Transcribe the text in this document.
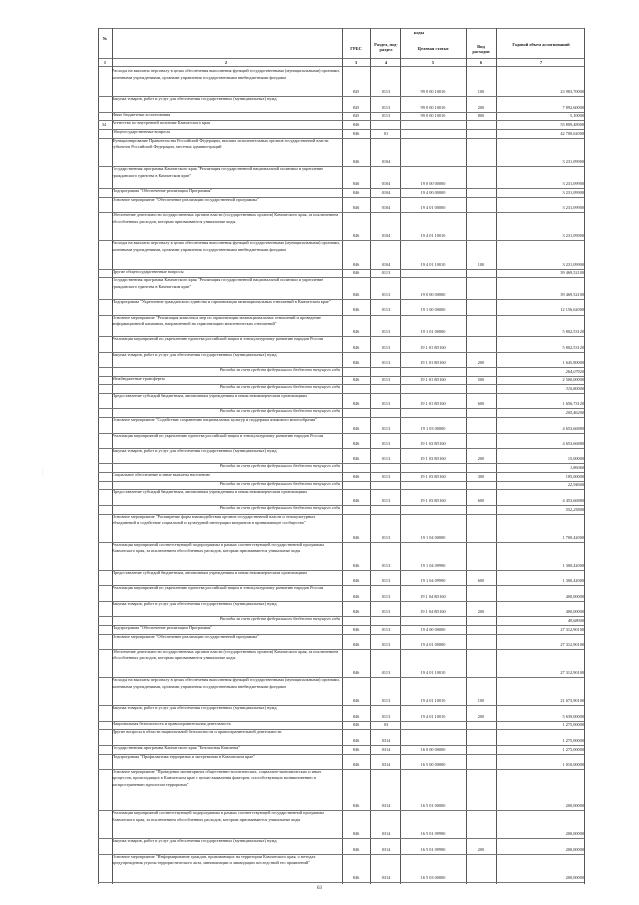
№
коды
ГРБС
Раздел, под-раздел	Целевая статья	Вид расходов
Годовой объем ассигнований
1	2	3	4	5	6	7
Расходы на выплаты персоналу в целях обеспечения выполнения функций государственными (муниципальными) органами, казенными учреждениями, органами управления государственными внебюджетными фондами
845	0113	99 0 00 10010	100	23 983,70000
Закупка товаров, работ и услуг для обеспечения государственных (муниципальных) нужд
845	0113	99 0 00 10010	200	7 892,60000
Иные бюджетные ассигнования	845	0113	99 0 00 10010	800	5,10000
34	Агентство по внутренней политике Камчатского края	846	55 809,48000
Общегосударственные вопросы	846	01	42 700,62000
Функционирование Правительства Российской Федерации, высших исполнительных органов государственной власти субъектов Российской Федерации, местных администраций
846	0104	3 231,09900
Государственная программа Камчатского края "Реализация государственной национальной политики и укрепление гражданского единства в Камчатском крае"
846	0104	19 0 00 00000	3 231,09900
Подпрограмма "Обеспечение реализации Программы"	846	0104	19 4 00 00000	3 231,09900
Основное мероприятие "Обеспечение реализации государственной программы"
846	0104	19 4 01 00000	3 231,09900
Обеспечение деятельности государственных органов власти (государственных органов) Камчатского края, за исключением обособленных расходов, которым присваиваются уникальные коды
846	0104	19 4 01 10010	3 231,09900
Расходы на выплаты персоналу в целях обеспечения выполнения функций государственными (муниципальными) органами, казенными учреждениями, органами управления государственными внебюджетными фондами
846	0104	19 4 01 10010	100	3 231,09900
Другие общегосударственные вопросы	846	0113	39 469,52100
Государственная программа Камчатского края "Реализация государственной национальной политики и укрепление гражданского единства в Камчатском крае"
846	0113	19 0 00 00000	39 469,52100
Подпрограмма "Укрепление гражданского единства и гармонизация межнациональных отношений в Камчатском крае"
846	0113	19 1 00 00000	12 156,62000
Основное мероприятие "Реализация комплекса мер по гармонизации межнациональных отношений и проведение информационной кампании, направленной на гармонизацию межэтнических отношений"
846	0113	19 1 01 00000	5 802,53120
Реализация мероприятий по укреплению единства российской нации и этнокультурному развитию народов России
846	0113	19 1 01 R5160	5 802,53120
Закупка товаров, работ и услуг для обеспечения государственных (муниципальных) нужд
846	0113	19 1 01 R5160	200	1 645,80000
Расходы за счет средств федерального бюджета текущего года	264,07920
Межбюджетные трансферты	846	0113	19 1 01 R5160	500	2 500,00000
Расходы за счет средств федерального бюджета текущего года	310,80000
Предоставление субсидий бюджетным, автономным учреждениям и иным некоммерческим организациям
846	0113	19 1 01 R5160	600	1 656,73120
Расходы за счет средств федерального бюджета текущего года	205,46200
Основное мероприятие "Содействие сохранению национальных культур и поддержка языкового многообразия"
846	0113	19 1 03 00000	4 653,66880
Реализация мероприятий по укреплению единства российской нации и этнокультурному развитию народов России
846	0113	19 1 03 R5160	4 653,66880
Закупка товаров, работ и услуг для обеспечения государственных (муниципальных) нужд
846	0113	19 1 03 R5160	200	15,00000
Расходы за счет средств федерального бюджета текущего года	1,86060
Социальное обеспечение и иные выплаты населению	846	0113	19 1 03 R5160	300	185,00000
Расходы за счет средств федерального бюджета текущего года	22,94600
Предоставление субсидий бюджетным, автономным учреждениям и иным некоммерческим организациям
846	0113	19 1 03 R5160	600	4 453,66880
Расходы за счет средств федерального бюджета текущего года	552,25800
Основное мероприятие "Расширение форм взаимодействия органов государственной власти и этнокультурных объединений и содействие социальной и культурной интеграции мигрантов в принимающее сообщество"
846	0113	19 1 04 00000	1 700,42000
Реализация мероприятий соответствующей подпрограммы в рамках соответствующей государственной программы Камчатского края, за исключением обособленных расходов, которым присваиваются уникальные коды
846	0113	19 1 04 09990	1 300,42000
Предоставление субсидий бюджетным, автономным учреждениям и иным некоммерческим организациям
846	0113	19 1 04 09990	600	1 300,42000
Реализация мероприятий по укреплению единства российской нации и этнокультурному развитию народов России
846	0113	19 1 04 R5160	400,00000
Закупка товаров, работ и услуг для обеспечения государственных (муниципальных) нужд
846	0113	19 1 04 R5160	200	400,00000
Расходы за счет средств федерального бюджета текущего года	49,68000
Подпрограмма "Обеспечение реализации Программы"	846	0113	19 4 00 00000	27 312,90100
Основное мероприятие "Обеспечение реализации государственной программы"
846	0113	19 4 01 00000	27 312,90100
Обеспечение деятельности государственных органов власти (государственных органов) Камчатского края, за исключением обособленных расходов, которым присваиваются уникальные коды
846	0113	19 4 01 10010	27 312,90100
Расходы на выплаты персоналу в целях обеспечения выполнения функций государственными (муниципальными) органами, казенными учреждениями, органами управления государственными внебюджетными фондами
846	0113	19 4 01 10010	100	21 673,90100
Закупка товаров, работ и услуг для обеспечения государственных (муниципальных) нужд
846	0113	19 4 01 10010	200	5 639,00000
Национальная безопасность и правоохранительная деятельность	846	03	1 275,00000
Другие вопросы в области национальной безопасности и правоохранительной деятельности
846	0314	1 275,00000
Государственная программа Камчатского края "Безопасная Камчатка"	846	0314	16 0 00 00000	1 275,00000
Подпрограмма "Профилактика терроризма и экстремизма в Камчатском крае"
846	0314	16 5 00 00000	1 010,00000
Основное мероприятие "Проведение мониторинга общественно-политических, социально-экономических и иных процессов, происходящих в Камчатском крае с целью выявления факторов, способствующих возникновению и распространению идеологии терроризма"
846	0314	16 5 01 00000	200,00000
Реализация мероприятий соответствующей подпрограммы в рамках соответствующей государственной программы Камчатского края, за исключением обособленных расходов, которым присваиваются уникальные коды
846	0314	16 5 01 09990	200,00000
Закупка товаров, работ и услуг для обеспечения государственных (муниципальных) нужд
846	0314	16 5 01 09990	200	200,00000
Основное мероприятие "Информирование граждан, проживающих на территории Камчатского края, о методах предупреждения угрозы террористического акта, минимизации и ликвидации последствий его проявлений"
846	0314	16 5 03 00000	200,00000
· · · ·
63
